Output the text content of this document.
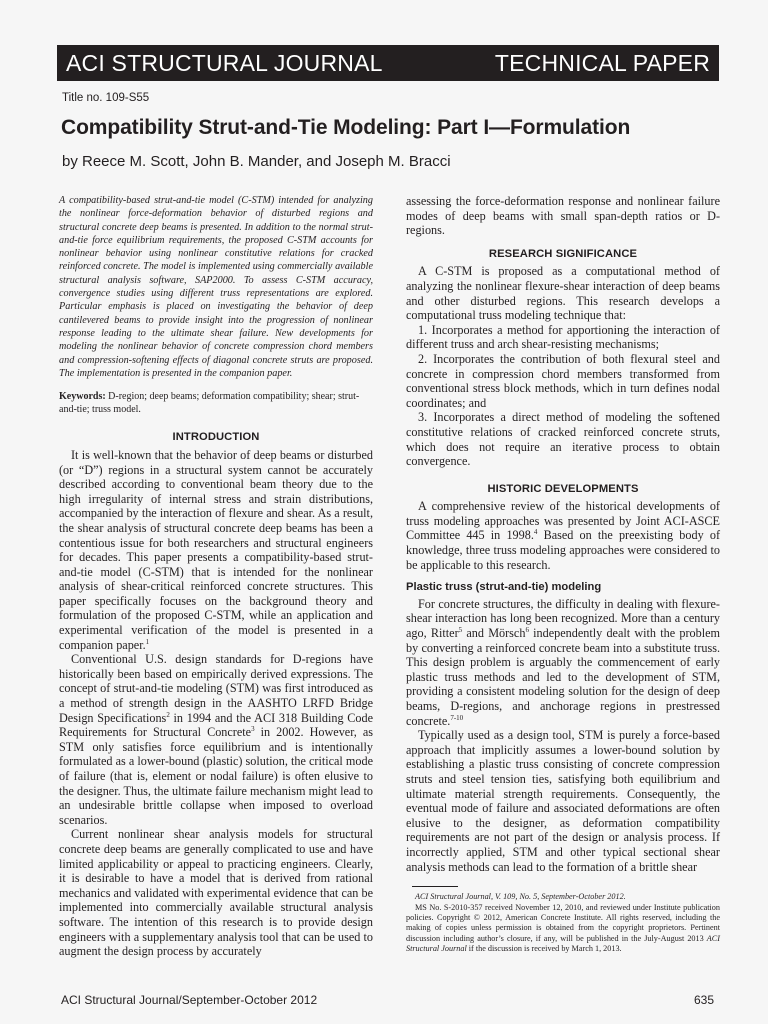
ACI STRUCTURAL JOURNAL	TECHNICAL PAPER
Title no. 109-S55
Compatibility Strut-and-Tie Modeling: Part I—Formulation
by Reece M. Scott, John B. Mander, and Joseph M. Bracci

A compatibility-based strut-and-tie model (C-STM) intended for analyzing the nonlinear force-deformation behavior of disturbed regions and structural concrete deep beams is presented. In addition to the normal strut-and-tie force equilibrium requirements, the proposed C-STM accounts for nonlinear behavior using nonlinear constitutive relations for cracked reinforced concrete. The model is implemented using commercially available structural analysis software, SAP2000. To assess C-STM accuracy, convergence studies using different truss representations are explored. Particular emphasis is placed on investigating the behavior of deep cantilevered beams to provide insight into the progression of nonlinear response leading to the ultimate shear failure. New developments for modeling the nonlinear behavior of concrete compression chord members and compression-softening effects of diagonal concrete struts are proposed. The implementation is presented in the companion paper.

Keywords: D-region; deep beams; deformation compatibility; shear; strut-and-tie; truss model.

INTRODUCTION

It is well-known that the behavior of deep beams or disturbed (or “D”) regions in a structural system cannot be accurately described according to conventional beam theory due to the high irregularity of internal stress and strain distributions, accompanied by the interaction of flexure and shear. As a result, the shear analysis of structural concrete deep beams has been a contentious issue for both researchers and structural engineers for decades. This paper presents a compatibility-based strut-and-tie model (C-STM) that is intended for the nonlinear analysis of shear-critical reinforced concrete structures. This paper specifically focuses on the background theory and formulation of the proposed C-STM, while an application and experimental verification of the model is presented in a companion paper.$^1$

Conventional U.S. design standards for D-regions have historically been based on empirically derived expressions. The concept of strut-and-tie modeling (STM) was first introduced as a method of strength design in the AASHTO LRFD Bridge Design Specifications$^2$ in 1994 and the ACI 318 Building Code Requirements for Structural Concrete$^3$ in 2002. However, as STM only satisfies force equilibrium and is intentionally formulated as a lower-bound (plastic) solution, the critical mode of failure (that is, element or nodal failure) is often elusive to the designer. Thus, the ultimate failure mechanism might lead to an undesirable brittle collapse when imposed to overload scenarios.

Current nonlinear shear analysis models for structural concrete deep beams are generally complicated to use and have limited applicability or appeal to practicing engineers. Clearly, it is desirable to have a model that is derived from rational mechanics and validated with experimental evidence that can be implemented into commercially available structural analysis software. The intention of this research is to provide design engineers with a supplementary analysis tool that can be used to augment the design process by accurately

assessing the force-deformation response and nonlinear failure modes of deep beams with small span-depth ratios or D-regions.

RESEARCH SIGNIFICANCE

A C-STM is proposed as a computational method of analyzing the nonlinear flexure-shear interaction of deep beams and other disturbed regions. This research develops a computational truss modeling technique that:

1. Incorporates a method for apportioning the interaction of different truss and arch shear-resisting mechanisms;

2. Incorporates the contribution of both flexural steel and concrete in compression chord members transformed from conventional stress block methods, which in turn defines nodal coordinates; and

3. Incorporates a direct method of modeling the softened constitutive relations of cracked reinforced concrete struts, which does not require an iterative process to obtain convergence.

HISTORIC DEVELOPMENTS

A comprehensive review of the historical developments of truss modeling approaches was presented by Joint ACI-ASCE Committee 445 in 1998.$^4$ Based on the preexisting body of knowledge, three truss modeling approaches were considered to be applicable to this research.

Plastic truss (strut-and-tie) modeling

For concrete structures, the difficulty in dealing with flexure-shear interaction has long been recognized. More than a century ago, Ritter$^5$ and Mörsch$^6$ independently dealt with the problem by converting a reinforced concrete beam into a substitute truss. This design problem is arguably the commencement of early plastic truss methods and led to the development of STM, providing a consistent modeling solution for the design of deep beams, D-regions, and anchorage regions in prestressed concrete.$^{7-10}$

Typically used as a design tool, STM is purely a force-based approach that implicitly assumes a lower-bound solution by establishing a plastic truss consisting of concrete compression struts and steel tension ties, satisfying both equilibrium and ultimate material strength requirements. Consequently, the eventual mode of failure and associated deformations are often elusive to the designer, as deformation compatibility requirements are not part of the design or analysis process. If incorrectly applied, STM and other typical sectional shear analysis methods can lead to the formation of a brittle shear

ACI Structural Journal, V. 109, No. 5, September-October 2012.

MS No. S-2010-357 received November 12, 2010, and reviewed under Institute publication policies. Copyright © 2012, American Concrete Institute. All rights reserved, including the making of copies unless permission is obtained from the copyright proprietors. Pertinent discussion including author’s closure, if any, will be published in the July-August 2013 ACI Structural Journal if the discussion is received by March 1, 2013.

ACI Structural Journal/September-October 2012	635
